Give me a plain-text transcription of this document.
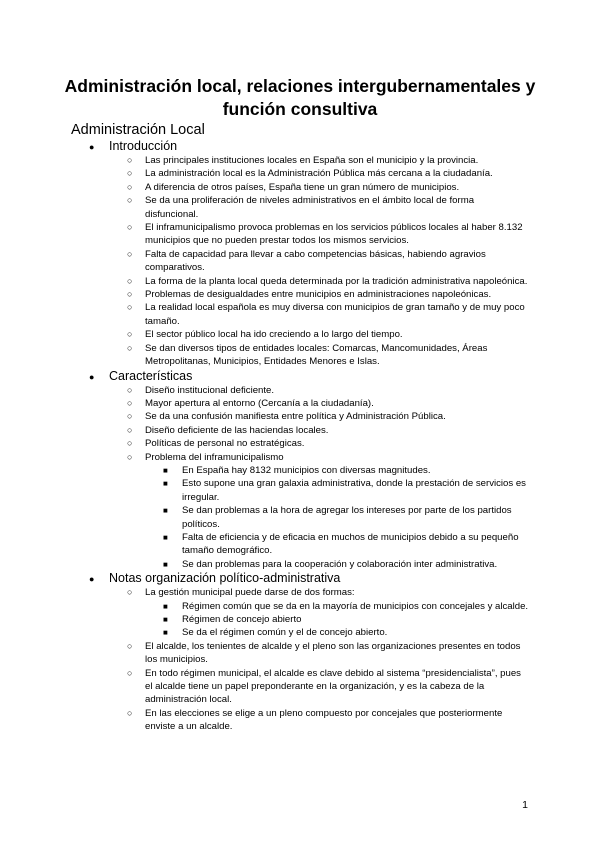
Administración local, relaciones intergubernamentales y función consultiva
Administración Local
● Introducción
○ Las principales instituciones locales en España son el municipio y la provincia.
○ La administración local es la Administración Pública más cercana a la ciudadanía.
○ A diferencia de otros países, España tiene un gran número de municipios.
○ Se da una proliferación de niveles administrativos en el ámbito local de forma disfuncional.
○ El inframunicipalismo provoca problemas en los servicios públicos locales al haber 8.132 municipios que no pueden prestar todos los mismos servicios.
○ Falta de capacidad para llevar a cabo competencias básicas, habiendo agravios comparativos.
○ La forma de la planta local queda determinada por la tradición administrativa napoleónica.
○ Problemas de desigualdades entre municipios en administraciones napoleónicas.
○ La realidad local española es muy diversa con municipios de gran tamaño y de muy poco tamaño.
○ El sector público local ha ido creciendo a lo largo del tiempo.
○ Se dan diversos tipos de entidades locales: Comarcas, Mancomunidades, Áreas Metropolitanas, Municipios, Entidades Menores e Islas.
● Características
○ Diseño institucional deficiente.
○ Mayor apertura al entorno (Cercanía a la ciudadanía).
○ Se da una confusión manifiesta entre política y Administración Pública.
○ Diseño deficiente de las haciendas locales.
○ Políticas de personal no estratégicas.
○ Problema del inframunicipalismo
■ En España hay 8132 municipios con diversas magnitudes.
■ Esto supone una gran galaxia administrativa, donde la prestación de servicios es irregular.
■ Se dan problemas a la hora de agregar los intereses por parte de los partidos políticos.
■ Falta de eficiencia y de eficacia en muchos de municipios debido a su pequeño tamaño demográfico.
■ Se dan problemas para la cooperación y colaboración inter administrativa.
● Notas organización político-administrativa
○ La gestión municipal puede darse de dos formas:
■ Régimen común que se da en la mayoría de municipios con concejales y alcalde.
■ Régimen de concejo abierto
■ Se da el régimen común y el de concejo abierto.
○ El alcalde, los tenientes de alcalde y el pleno son las organizaciones presentes en todos los municipios.
○ En todo régimen municipal, el alcalde es clave debido al sistema “presidencialista”, pues el alcalde tiene un papel preponderante en la organización, y es la cabeza de la administración local.
○ En las elecciones se elige a un pleno compuesto por concejales que posteriormente enviste a un alcalde.
1
